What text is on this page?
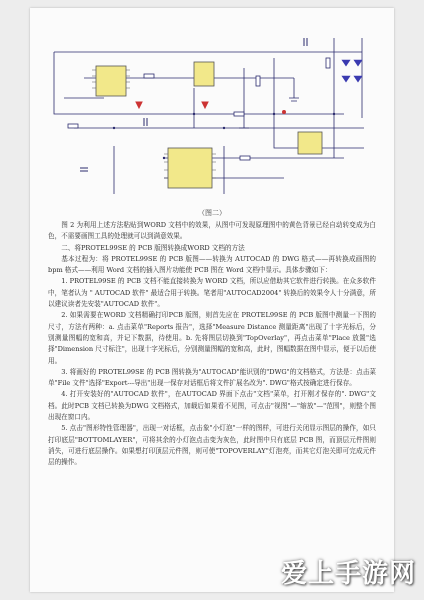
（图二）

图 2 为利用上述方法粘贴到WORD 文档中的效果，从图中可发现原理图中的黄色背景已经自动转变成为白色，不需要画图工具的处理就可以到满意效果。

二、将PROTEL99SE 的 PCB 版图转换成WORD 文档的方法

基本过程为：将 PROTEL99SE 的 PCB 版图——转换为 AUTOCAD 的 DWG 格式——再转换成画图的 bpm 格式——利用 Word 文档的插入图片功能使 PCB 图在 Word 文档中显示。具体步骤如下：

1. PROTEL99SE 的 PCB 文档不能直接转换为 WORD 文档，所以应借助其它软件进行转换。在众多软件中，笔者认为 " AUTOCAD 软件" 最适合用于转换。笔者用"AUTOCAD2004" 转换后的效果令人十分满意，所以建议读者先安装"AUTOCAD 软件"。

2. 如果需要在WORD 文档精确打印PCB 版图，则首先应在 PROTEL99SE 的 PCB 版图中测量一下图的尺寸，方法有两种：a. 点击菜单"Reports 报告"，选择"Measure Distance 测量距离"出现了十字光标后，分别测量图幅的宽和高，并记下数据，待使用。b. 先将图层切换到"TopOverlay"，再点击菜单"Place 放置"选择"Dimension 尺寸标注"，出现十字光标后，分别测量图幅的宽和高，此时，图幅数据在图中显示，便于以后使用。

3. 将画好的 PROTEL99SE 的 PCB 图转换为"AUTOCAD"能识别的"DWG"的文档格式，方法是：点击菜单"File 文件"选择"Export---导出"出现一保存对话框后将文件扩展名改为". DWG"格式按确定进行保存。

4. 打开安装好的"AUTOCAD 软件"，在AUTOCAD 界面下点击"文档"菜单，打开刚才保存的". DWG"文档。此时PCB 文档已转换为DWG 文档格式，加载后如果看不见图，可点击"视图"—"缩放"—"范围"，则整个图出现在窗口内。

5. 点击"图形特性管理器"，出现一对话框，点击象"小灯泡"一样的图样，可进行关闭显示图层的操作，如只打印底层"BOTTOMLAYER"，可将其余的小灯泡点击变为灰色，此时图中只有底层 PCB 图，而顶层元件图则消失，可进行底层操作。如果想打印顶层元件图，则可使"TOPOVERLAY"灯泡亮，而其它灯泡关即可完成元件层的操作。

爱上手游网
